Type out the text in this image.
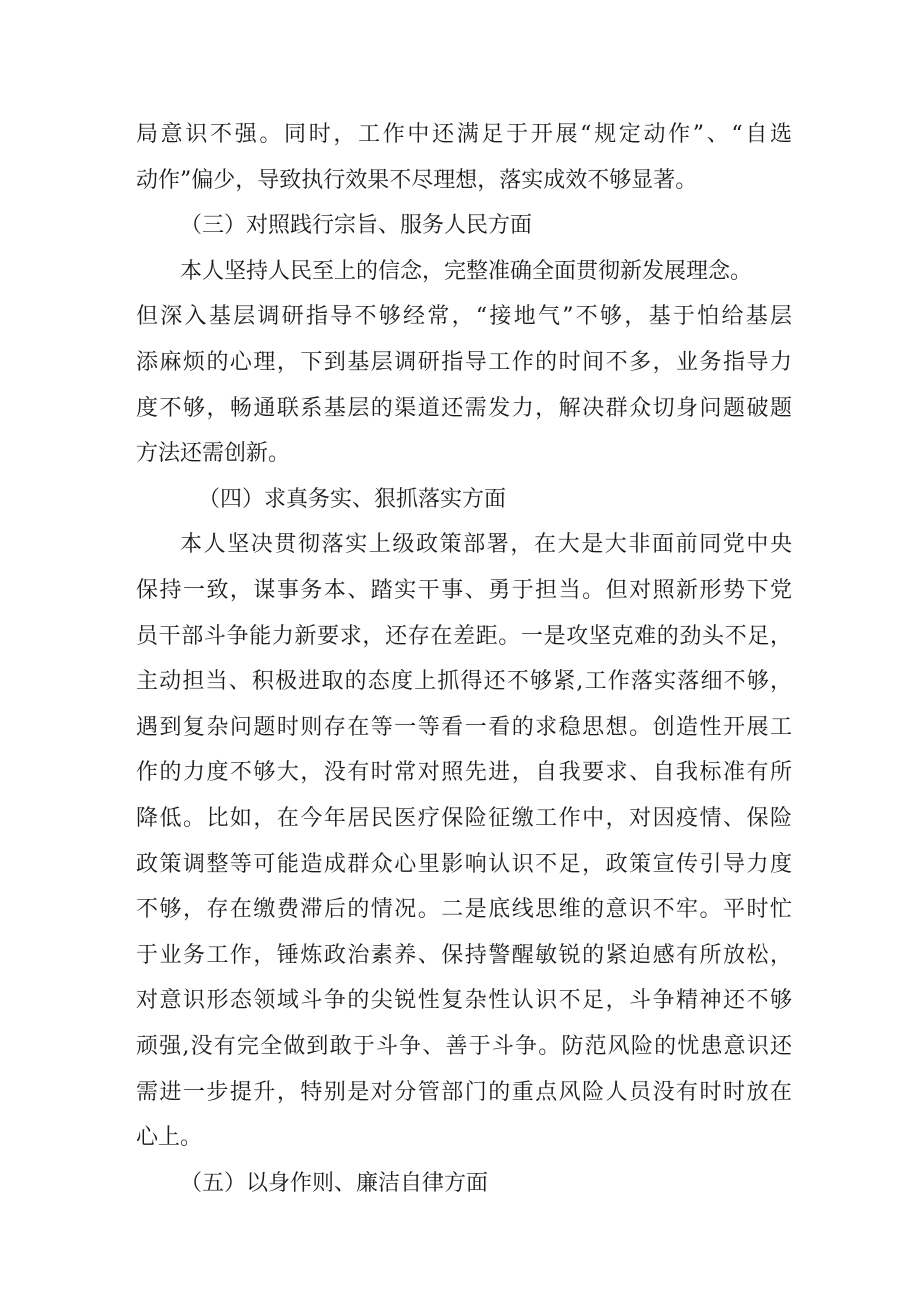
局意识不强。同时，工作中还满足于开展“规定动作”、“自选
动作”偏少，导致执行效果不尽理想，落实成效不够显著。
（三）对照践行宗旨、服务人民方面
本人坚持人民至上的信念，完整准确全面贯彻新发展理念。
但深入基层调研指导不够经常，“接地气”不够，基于怕给基层
添麻烦的心理，下到基层调研指导工作的时间不多，业务指导力
度不够，畅通联系基层的渠道还需发力，解决群众切身问题破题
方法还需创新。
（四）求真务实、狠抓落实方面
本人坚决贯彻落实上级政策部署，在大是大非面前同党中央
保持一致，谋事务本、踏实干事、勇于担当。但对照新形势下党
员干部斗争能力新要求，还存在差距。一是攻坚克难的劲头不足，
主动担当、积极进取的态度上抓得还不够紧,工作落实落细不够，
遇到复杂问题时则存在等一等看一看的求稳思想。创造性开展工
作的力度不够大，没有时常对照先进，自我要求、自我标准有所
降低。比如，在今年居民医疗保险征缴工作中，对因疫情、保险
政策调整等可能造成群众心里影响认识不足，政策宣传引导力度
不够，存在缴费滞后的情况。二是底线思维的意识不牢。平时忙
于业务工作，锤炼政治素养、保持警醒敏锐的紧迫感有所放松，
对意识形态领域斗争的尖锐性复杂性认识不足，斗争精神还不够
顽强,没有完全做到敢于斗争、善于斗争。防范风险的忧患意识还
需进一步提升，特别是对分管部门的重点风险人员没有时时放在
心上。
（五）以身作则、廉洁自律方面
